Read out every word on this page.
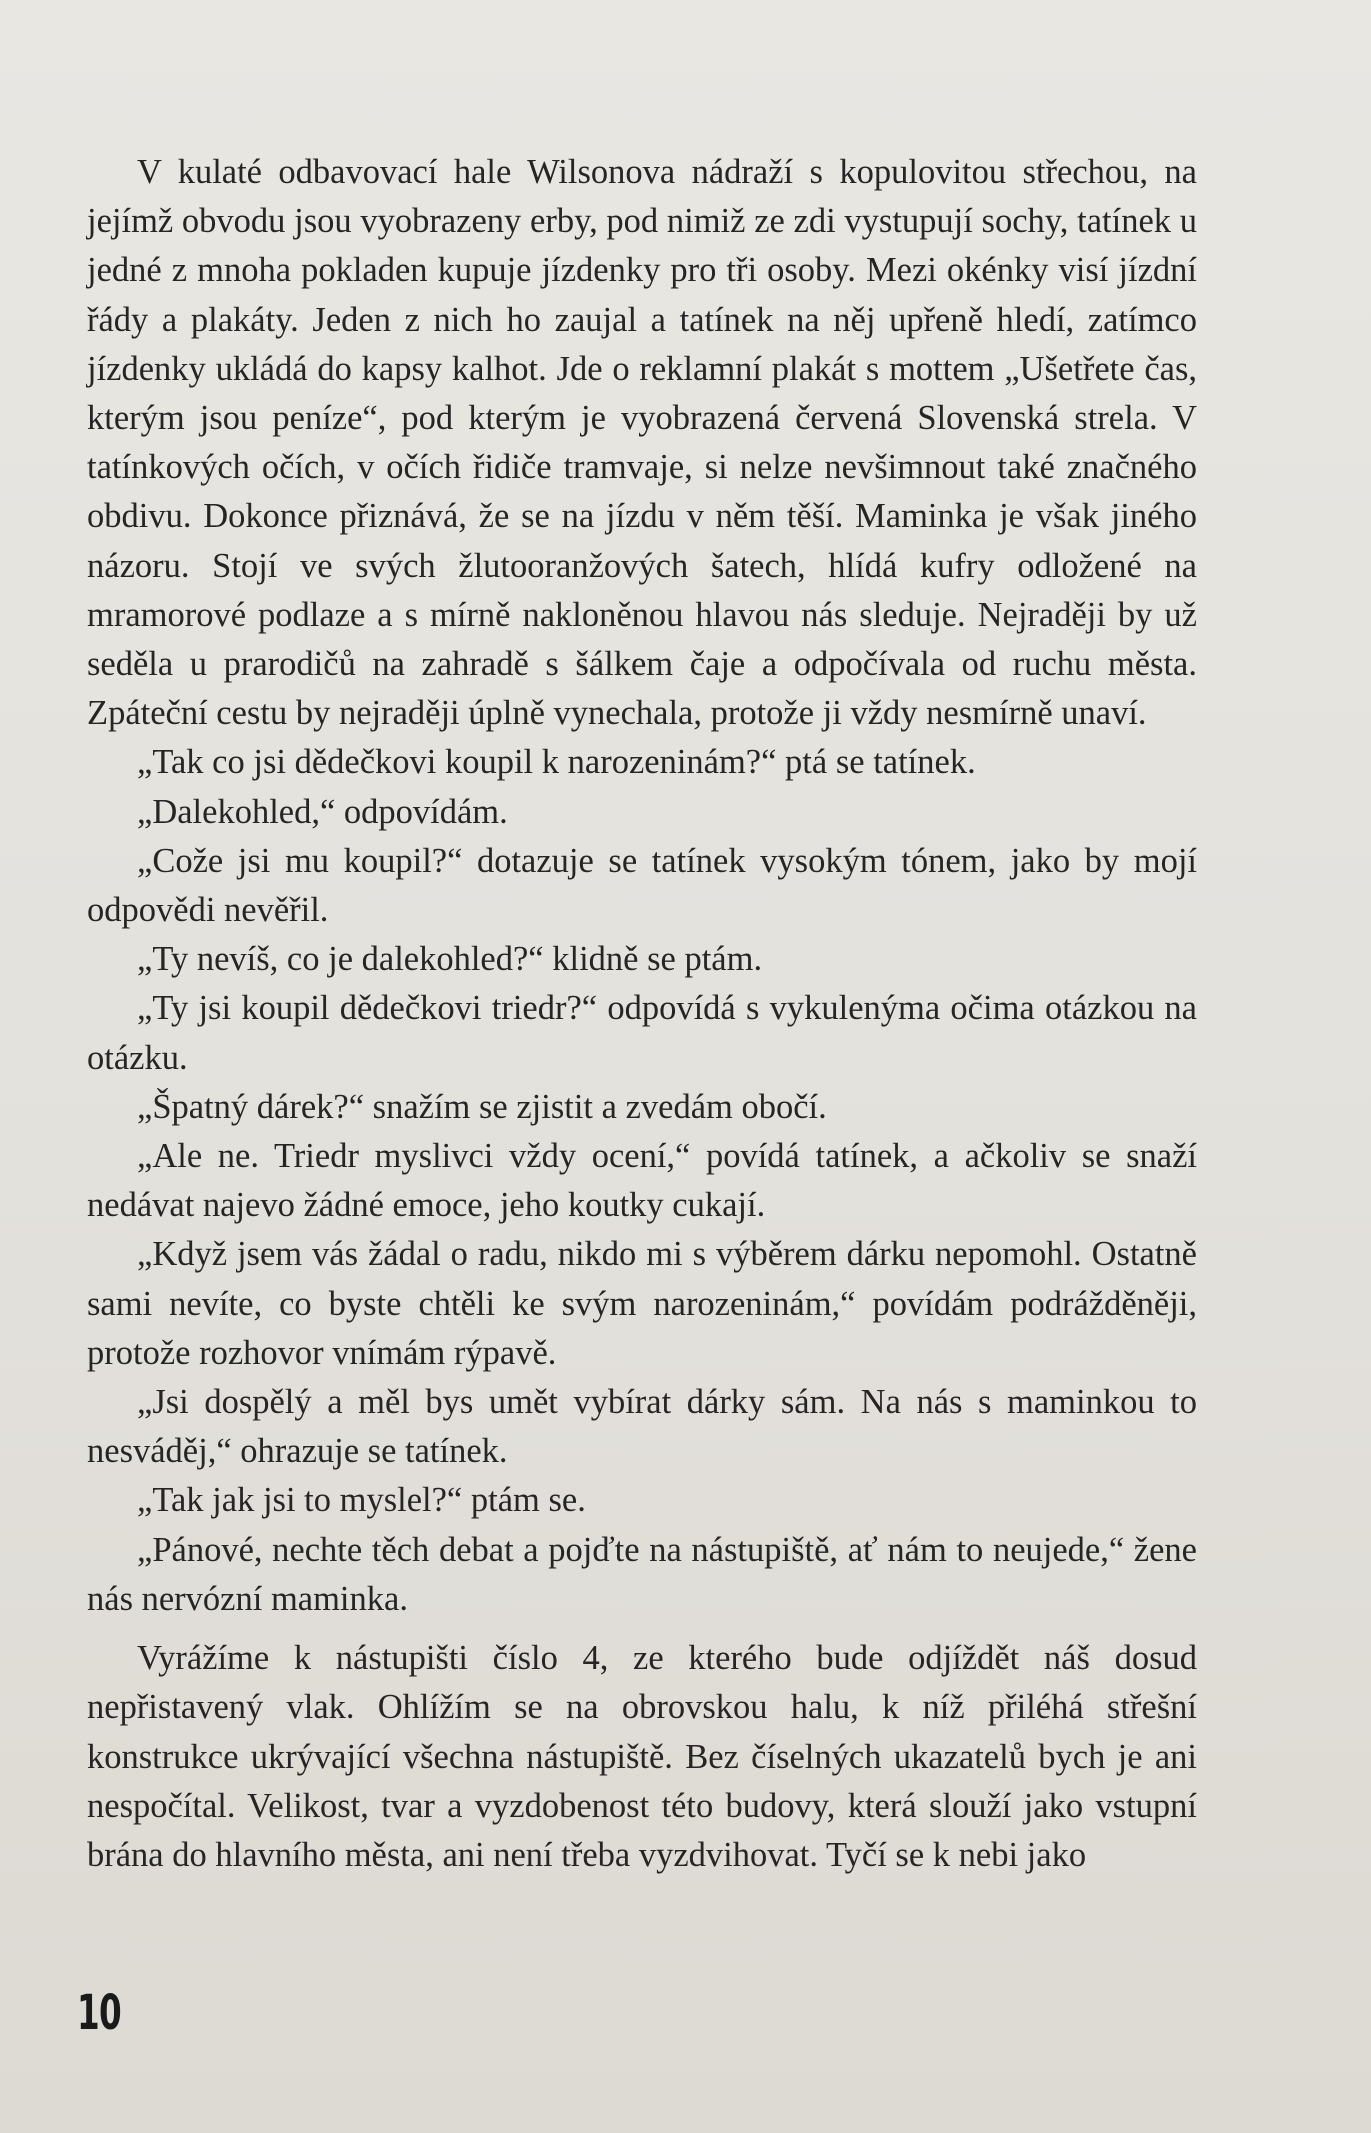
V kulaté odbavovací hale Wilsonova nádraží s kopulovitou střechou, na jejímž obvodu jsou vyobrazeny erby, pod nimiž ze zdi vystupují sochy, tatínek u jedné z mnoha pokladen kupuje jízdenky pro tři osoby. Mezi okénky visí jízdní řády a plakáty. Jeden z nich ho zaujal a tatínek na něj upřeně hledí, zatímco jízdenky ukládá do kapsy kalhot. Jde o reklamní plakát s mottem „Ušetřete čas, kterým jsou peníze“, pod kterým je vyobrazená červená Slovenská strela. V tatínkových očích, v očích řidiče tramvaje, si nelze nevšimnout také značného obdivu. Dokonce přiznává, že se na jízdu v něm těší. Maminka je však jiného názoru. Stojí ve svých žlutooranžových šatech, hlídá kufry odložené na mramorové podlaze a s mírně nakloněnou hlavou nás sleduje. Nejraději by už seděla u prarodičů na zahradě s šálkem čaje a odpočívala od ruchu města. Zpáteční cestu by nejraději úplně vynechala, protože ji vždy nesmírně unaví.

„Tak co jsi dědečkovi koupil k narozeninám?“ ptá se tatínek.

„Dalekohled,“ odpovídám.

„Cože jsi mu koupil?“ dotazuje se tatínek vysokým tónem, jako by mojí odpovědi nevěřil.

„Ty nevíš, co je dalekohled?“ klidně se ptám.

„Ty jsi koupil dědečkovi triedr?“ odpovídá s vykulenýma očima otázkou na otázku.

„Špatný dárek?“ snažím se zjistit a zvedám obočí.

„Ale ne. Triedr myslivci vždy ocení,“ povídá tatínek, a ačkoliv se snaží nedávat najevo žádné emoce, jeho koutky cukají.

„Když jsem vás žádal o radu, nikdo mi s výběrem dárku nepomohl. Ostatně sami nevíte, co byste chtěli ke svým narozeninám,“ povídám podrážděněji, protože rozhovor vnímám rýpavě.

„Jsi dospělý a měl bys umět vybírat dárky sám. Na nás s maminkou to nesváděj,“ ohrazuje se tatínek.

„Tak jak jsi to myslel?“ ptám se.

„Pánové, nechte těch debat a pojďte na nástupiště, ať nám to neujede,“ žene nás nervózní maminka.

Vyrážíme k nástupišti číslo 4, ze kterého bude odjíždět náš dosud nepřistavený vlak. Ohlížím se na obrovskou halu, k níž přiléhá střešní konstrukce ukrývající všechna nástupiště. Bez číselných ukazatelů bych je ani nespočítal. Velikost, tvar a vyzdobenost této budovy, která slouží jako vstupní brána do hlavního města, ani není třeba vyzdvihovat. Tyčí se k nebi jako

10
